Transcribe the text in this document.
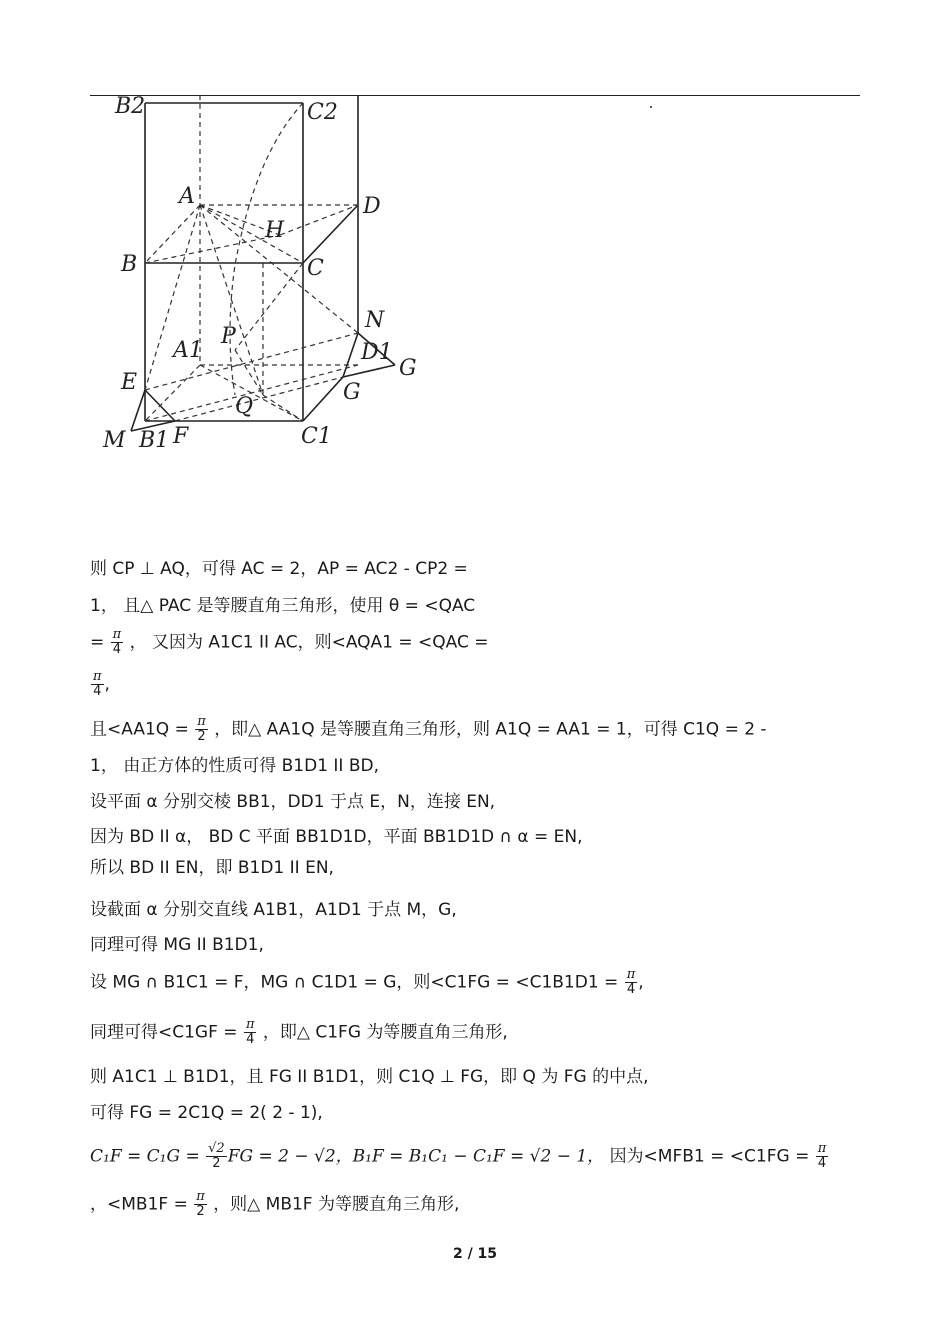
B2	C2
A	D
H
B	C
N
P
A1	D1
G
E	G
Q
M B1 F	C1
则 CP ⊥ AQ，可得 AC = 2，AP = AC2 - CP2 =
1， 且△ PAC 是等腰直角三角形，使用 θ = <QAC
= $\frac{\pi}{4}$ ， 又因为 A1C1 II AC，则<AQA1 = <QAC =
$\frac{\pi}{4}$ ,
且$<AA1Q = \frac{\pi}{2}$ ，即△ AA1Q 是等腰直角三角形，则 A1Q = AA1 = 1，可得 C1Q = 2 -
1， 由正方体的性质可得 B1D1 II BD,
设平面 α 分别交棱 BB1，DD1 于点 E，N，连接 EN,
因为 BD II α， BD C 平面 BB1D1D，平面 BB1D1D ∩ α = EN,
所以 BD II EN，即 B1D1 II EN,
设截面 α 分别交直线 A1B1，A1D1 于点 M，G,
同理可得 MG II B1D1,
设 MG ∩ B1C1 = F，MG ∩ C1D1 = G，则$<C1FG = <C1B1D1 = \frac{\pi}{4}$ ,
同理可得$<C1GF = \frac{\pi}{4}$ ，即△ C1FG 为等腰直角三角形,
则 A1C1 ⊥ B1D1，且 FG II B1D1，则 C1Q ⊥ FG，即 Q 为 FG 的中点,
可得 FG = 2C1Q = 2( 2 - 1),
$C_1F = C_1G = \frac{√2}{2}$ FG = 2 − √2，B₁F = B₁C₁ − C₁F = √2 − 1， 因为$<MFB1 = <C1FG = \frac{\pi}{4}$
，$<MB1F = \frac{\pi}{2}$ ，则△ MB1F 为等腰直角三角形,
2 / 15
